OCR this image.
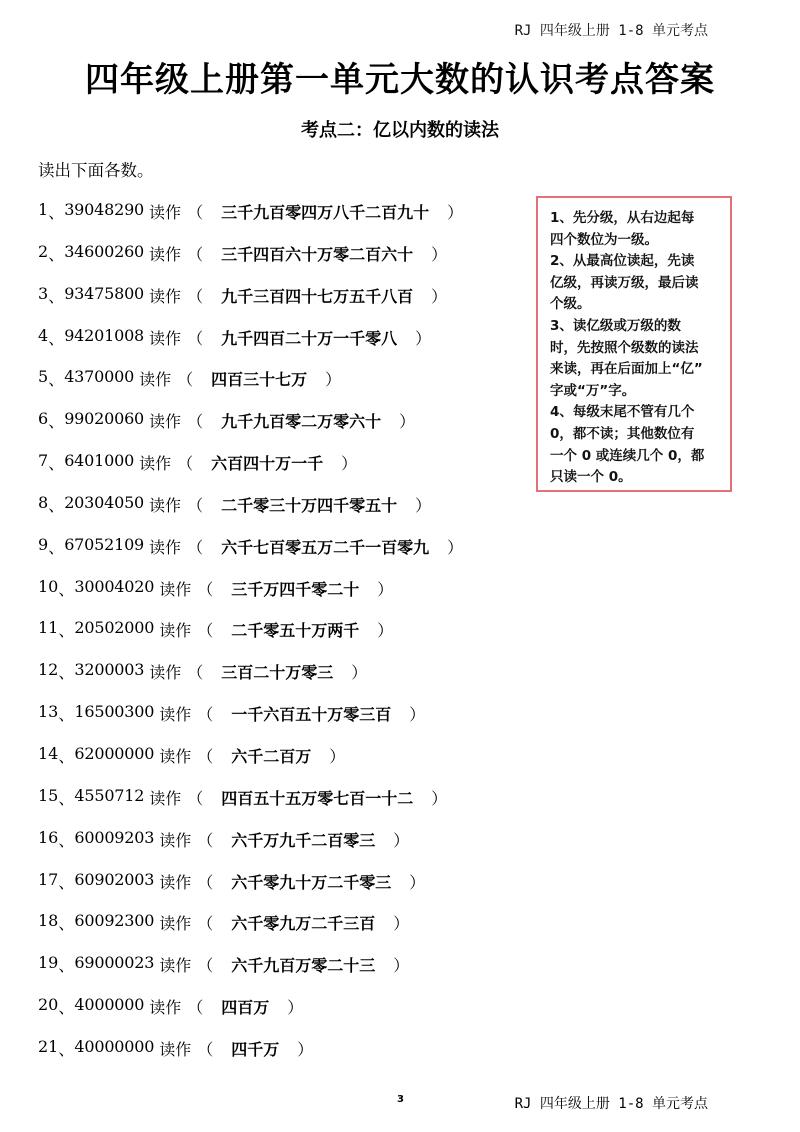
RJ 四年级上册 1-8 单元考点
四年级上册第一单元大数的认识考点答案
考点二：亿以内数的读法
读出下面各数。
1 、 39048290 读作 （ 三千九百零四万八千二百九十 ）
2 、 34600260 读作 （ 三千四百六十万零二百六十 ）
3 、 93475800 读作 （ 九千三百四十七万五千八百 ）
4 、 94201008 读作 （ 九千四百二十万一千零八 ）
5 、 4370000 读作 （ 四百三十七万 ）
6 、 99020060 读作 （ 九千九百零二万零六十 ）
7 、 6401000 读作 （ 六百四十万一千 ）
8 、 20304050 读作 （ 二千零三十万四千零五十 ）
9 、 67052109 读作 （ 六千七百零五万二千一百零九 ）
10 、 30004020 读作 （ 三千万四千零二十 ）
11 、 20502000 读作 （ 二千零五十万两千 ）
12 、 3200003 读作 （ 三百二十万零三 ）
13 、 16500300 读作 （ 一千六百五十万零三百 ）
14 、 62000000 读作 （ 六千二百万 ）
15 、 4550712 读作 （ 四百五十五万零七百一十二 ）
16 、 60009203 读作 （ 六千万九千二百零三 ）
17 、 60902003 读作 （ 六千零九十万二千零三 ）
18 、 60092300 读作 （ 六千零九万二千三百 ）
19 、 69000023 读作 （ 六千九百万零二十三 ）
20 、 4000000 读作 （ 四百万 ）
21 、 40000000 读作 （ 四千万 ）
1、先分级，从右边起每
四个数位为一级。
2、从最高位读起，先读
亿级，再读万级，最后读
个级。
3、读亿级或万级的数
时，先按照个级数的读法
来读，再在后面加上“亿”
字或“万”字。
4、每级末尾不管有几个
0，都不读；其他数位有
一个 0 或连续几个 0，都
只读一个 0。
3	RJ 四年级上册 1-8 单元考点
